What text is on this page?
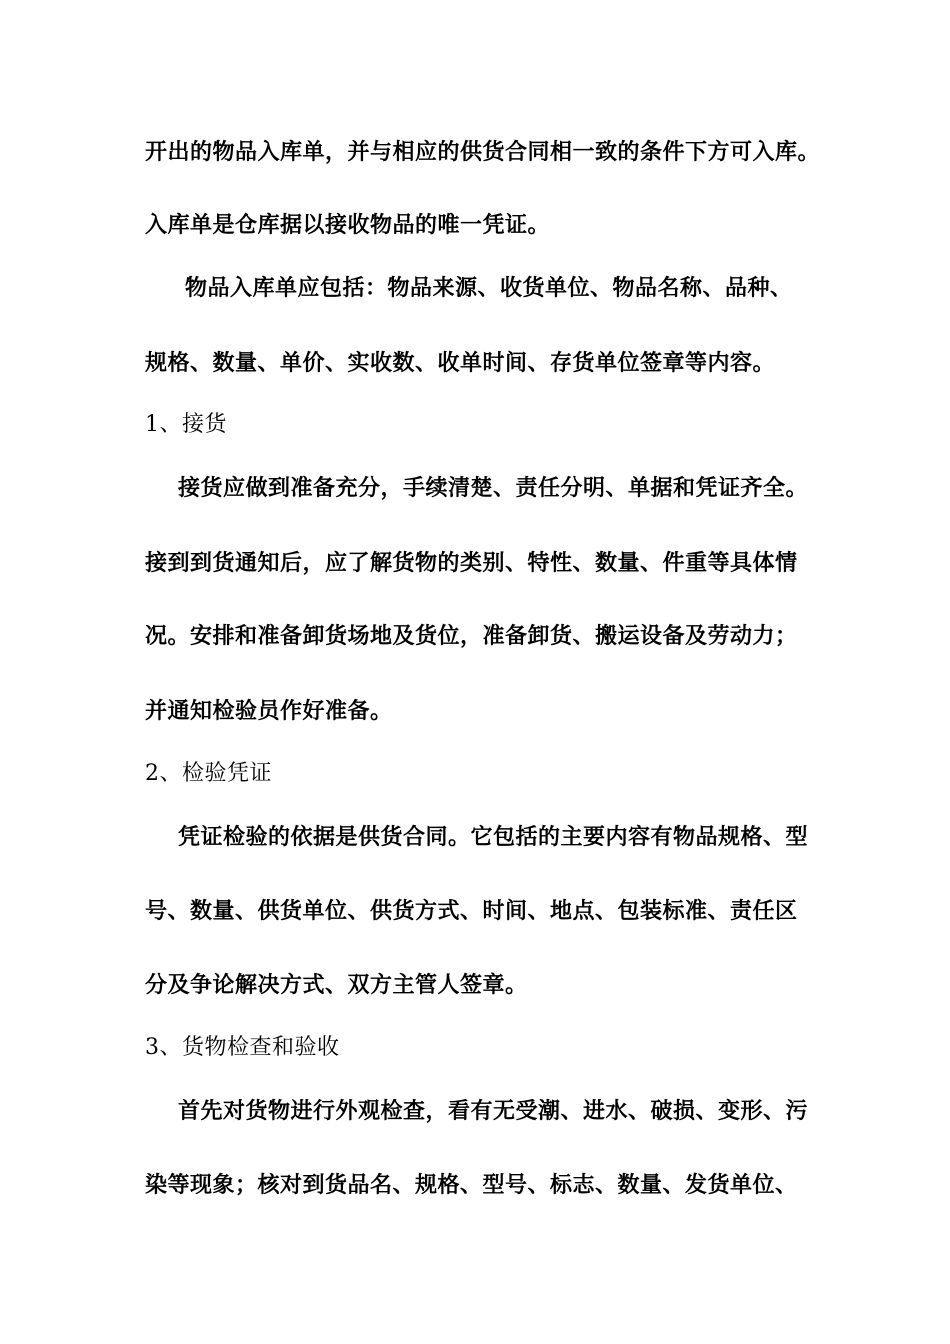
开出的物品入库单，并与相应的供货合同相一致的条件下方可入库。

入库单是仓库据以接收物品的唯一凭证。

物品入库单应包括：物品来源、收货单位、物品名称、品种、

规格、数量、单价、实收数、收单时间、存货单位签章等内容。

1、接货

接货应做到准备充分，手续清楚、责任分明、单据和凭证齐全。

接到到货通知后，应了解货物的类别、特性、数量、件重等具体情

况。安排和准备卸货场地及货位，准备卸货、搬运设备及劳动力；

并通知检验员作好准备。

2、检验凭证

凭证检验的依据是供货合同。它包括的主要内容有物品规格、型

号、数量、供货单位、供货方式、时间、地点、包装标准、责任区

分及争论解决方式、双方主管人签章。

3、货物检查和验收

首先对货物进行外观检查，看有无受潮、进水、破损、变形、污

染等现象；核对到货品名、规格、型号、标志、数量、发货单位、
